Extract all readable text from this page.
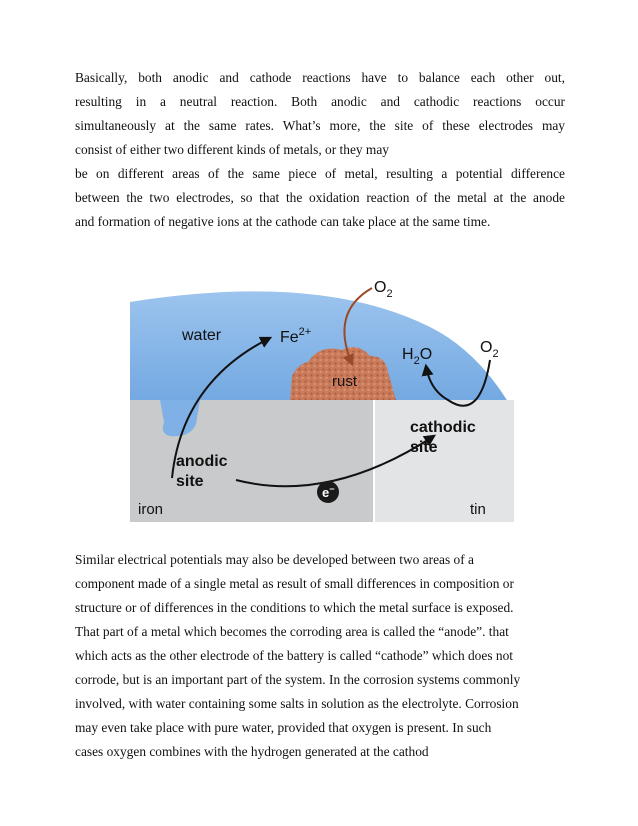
Basically, both anodic and cathode reactions have to balance each other out,
resulting in a neutral reaction. Both anodic and cathodic reactions occur
simultaneously at the same rates. What’s more, the site of these electrodes may
consist of either two different kinds of metals, or they may
be on different areas of the same piece of metal, resulting a potential difference
between the two electrodes, so that the oxidation reaction of the metal at the anode
and formation of negative ions at the cathode can take place at the same time.
e−
water	$Fe^{2+}$
$O_2$
$H_2O$	$O_2$
rust
cathodic
site
anodic
site
iron	tin
Similar electrical potentials may also be developed between two areas of a
component made of a single metal as result of small differences in composition or
structure or of differences in the conditions to which the metal surface is exposed.
That part of a metal which becomes the corroding area is called the “anode”. that
which acts as the other electrode of the battery is called “cathode” which does not
corrode, but is an important part of the system. In the corrosion systems commonly
involved, with water containing some salts in solution as the electrolyte. Corrosion
may even take place with pure water, provided that oxygen is present. In such
cases oxygen combines with the hydrogen generated at the cathod
